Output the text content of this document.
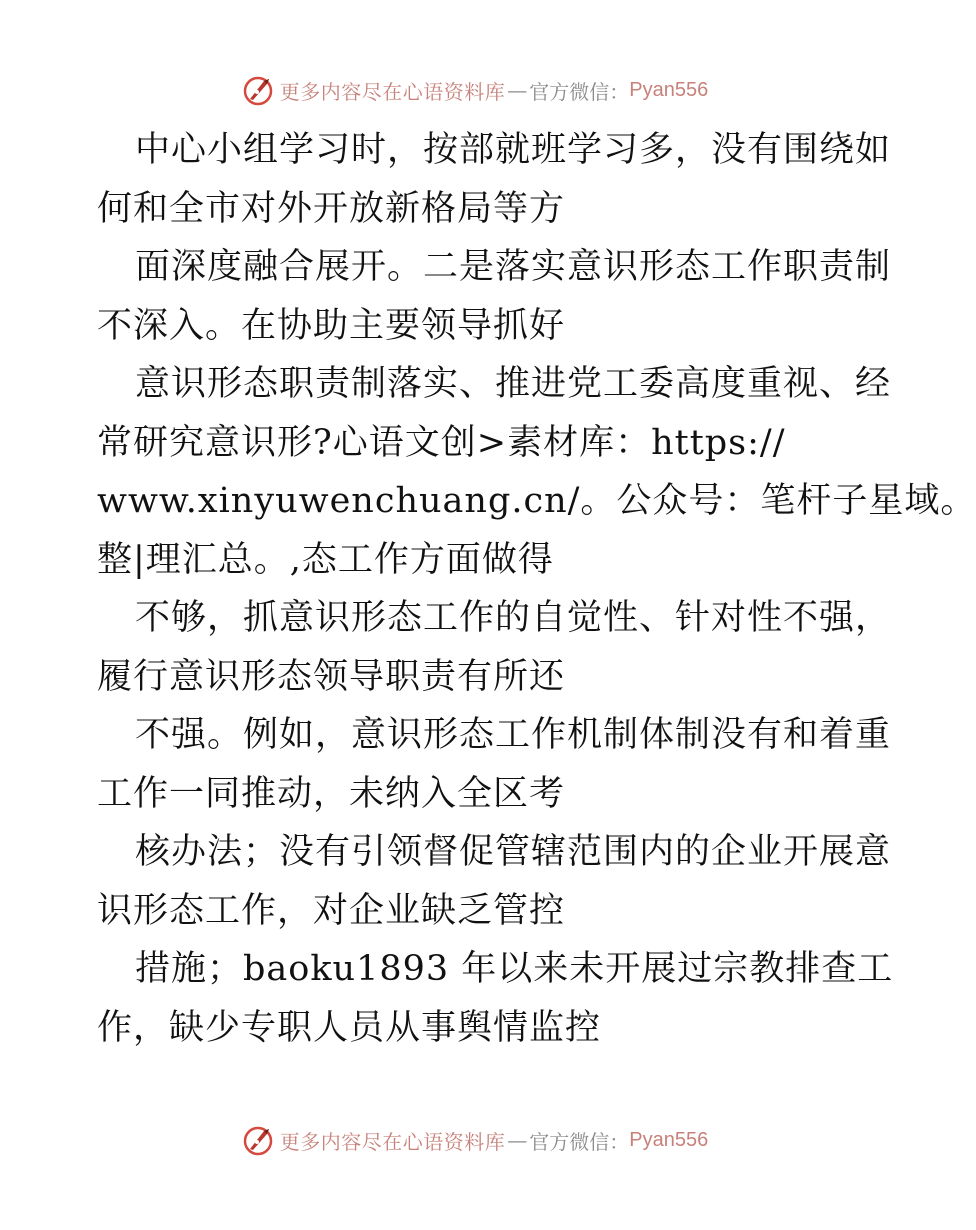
更多内容尽在心语资料库 — 官方微信： Pyan556
中心小组学习时，按部就班学习多，没有围绕如
何和全市对外开放新格局等方
面深度融合展开。二是落实意识形态工作职责制
不深入。在协助主要领导抓好
意识形态职责制落实、推进党工委高度重视、经
常研究意识形?心语文创>素材库：https://
www.xinyuwenchuang.cn/。公众号：笔杆子星域。
整|理汇总。,态工作方面做得
不够，抓意识形态工作的自觉性、针对性不强，
履行意识形态领导职责有所还
不强。例如，意识形态工作机制体制没有和着重
工作一同推动，未纳入全区考
核办法；没有引领督促管辖范围内的企业开展意
识形态工作，对企业缺乏管控
措施；baoku1893 年以来未开展过宗教排查工
作，缺少专职人员从事舆情监控
更多内容尽在心语资料库 — 官方微信： Pyan556
